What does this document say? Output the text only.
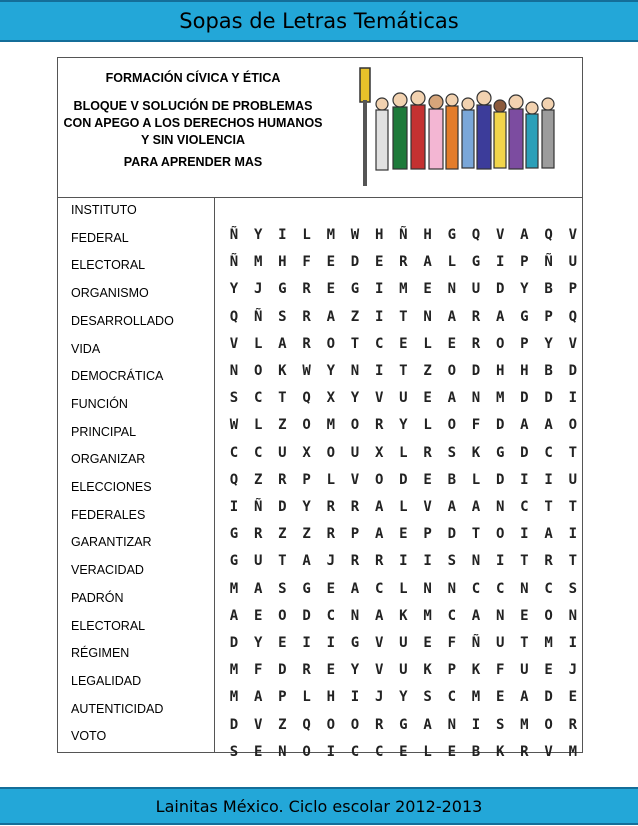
Sopas de Letras Temáticas
FORMACIÓN CÍVICA Y ÉTICA
BLOQUE V SOLUCIÓN DE PROBLEMAS CON APEGO A LOS DERECHOS HUMANOS Y SIN VIOLENCIA
PARA APRENDER MAS
INSTITUTO
FEDERAL
ELECTORAL
ORGANISMO
DESARROLLADO
VIDA
DEMOCRÁTICA
FUNCIÓN
PRINCIPAL
ORGANIZAR
ELECCIONES
FEDERALES
GARANTIZAR
VERACIDAD
PADRÓN
ELECTORAL
RÉGIMEN
LEGALIDAD
AUTENTICIDAD
VOTO
Ñ	Y	I	L	M	W	H	Ñ	H	G	Q	V	A	Q	V
Ñ	M	H	F	E	D	E	R	A	L	G	I	P	Ñ	U
Y	J	G	R	E	G	I	M	E	N	U	D	Y	B	P
Q	Ñ	S	R	A	Z	I	T	N	A	R	A	G	P	Q
V	L	A	R	O	T	C	E	L	E	R	O	P	Y	V
N	O	K	W	Y	N	I	T	Z	O	D	H	H	B	D
S	C	T	Q	X	Y	V	U	E	A	N	M	D	D	I
W	L	Z	O	M	O	R	Y	L	O	F	D	A	A	O
C	C	U	X	O	U	X	L	R	S	K	G	D	C	T
Q	Z	R	P	L	V	O	D	E	B	L	D	I	I	U
I	Ñ	D	Y	R	R	A	L	V	A	A	N	C	T	T
G	R	Z	Z	R	P	A	E	P	D	T	O	I	A	I
G	U	T	A	J	R	R	I	I	S	N	I	T	R	T
M	A	S	G	E	A	C	L	N	N	C	C	N	C	S
A	E	O	D	C	N	A	K	M	C	A	N	E	O	N
D	Y	E	I	I	G	V	U	E	F	Ñ	U	T	M	I
M	F	D	R	E	Y	V	U	K	P	K	F	U	E	J
M	A	P	L	H	I	J	Y	S	C	M	E	A	D	E
D	V	Z	Q	O	O	R	G	A	N	I	S	M	O	R
S	E	N	O	I	C	C	E	L	E	B	K	R	V	M
Lainitas México. Ciclo escolar 2012-2013
